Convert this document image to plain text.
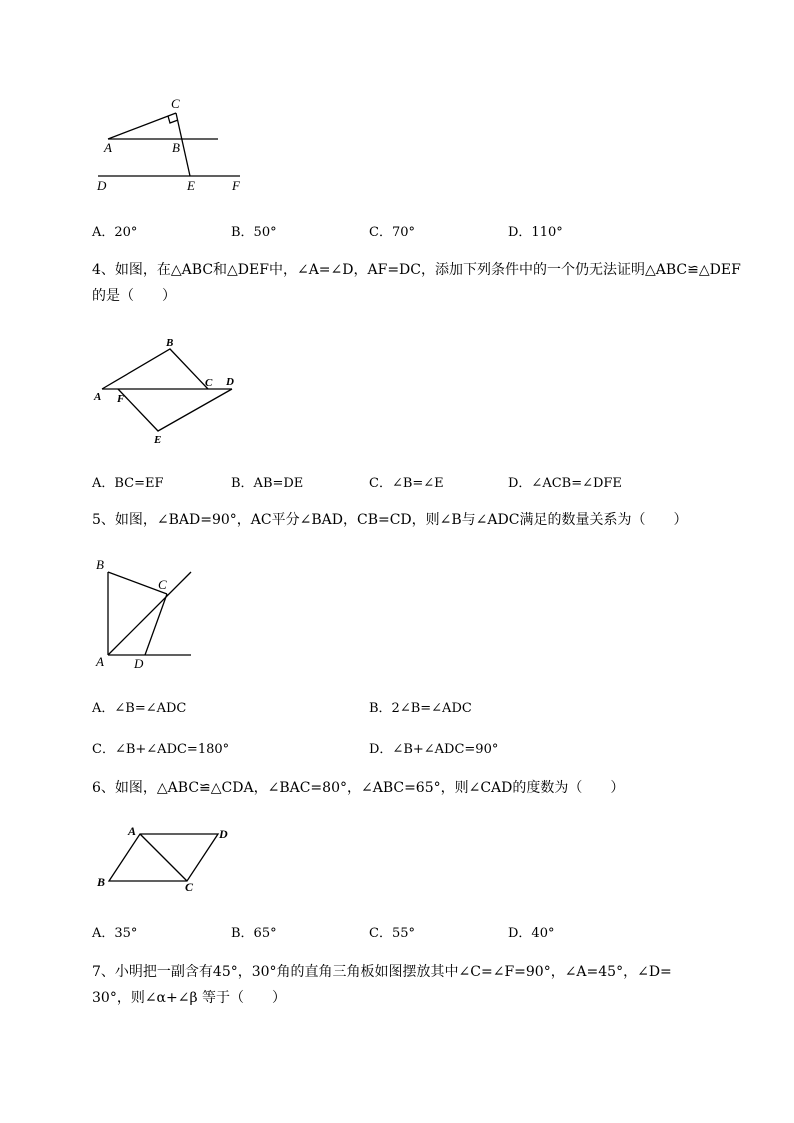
C
A	B
D	E	F
A．20°	B．50°	C．70°	D．110°
4、如图，在△ABC和△DEF中，∠A=∠D，AF=DC，添加下列条件中的一个仍无法证明△ABC≌△DEF
的是（　　）
B
A F
C D
E
A．BC=EF	B．AB=DE	C．∠B=∠E	D．∠ACB=∠DFE
5、如图，∠BAD=90°，AC平分∠BAD，CB=CD，则∠B与∠ADC满足的数量关系为（　　）
B
C
A D
A．∠B=∠ADC	B．2∠B=∠ADC
C．∠B+∠ADC=180°	D．∠B+∠ADC=90°
6、如图，△ABC≌△CDA，∠BAC=80°，∠ABC=65°，则∠CAD的度数为（　　）
A	D
B	C
A．35°	B．65°	C．55°	D．40°
7、小明把一副含有45°，30°角的直角三角板如图摆放其中∠C=∠F=90°，∠A=45°，∠D=
30°，则∠α+∠β 等于（　　）
